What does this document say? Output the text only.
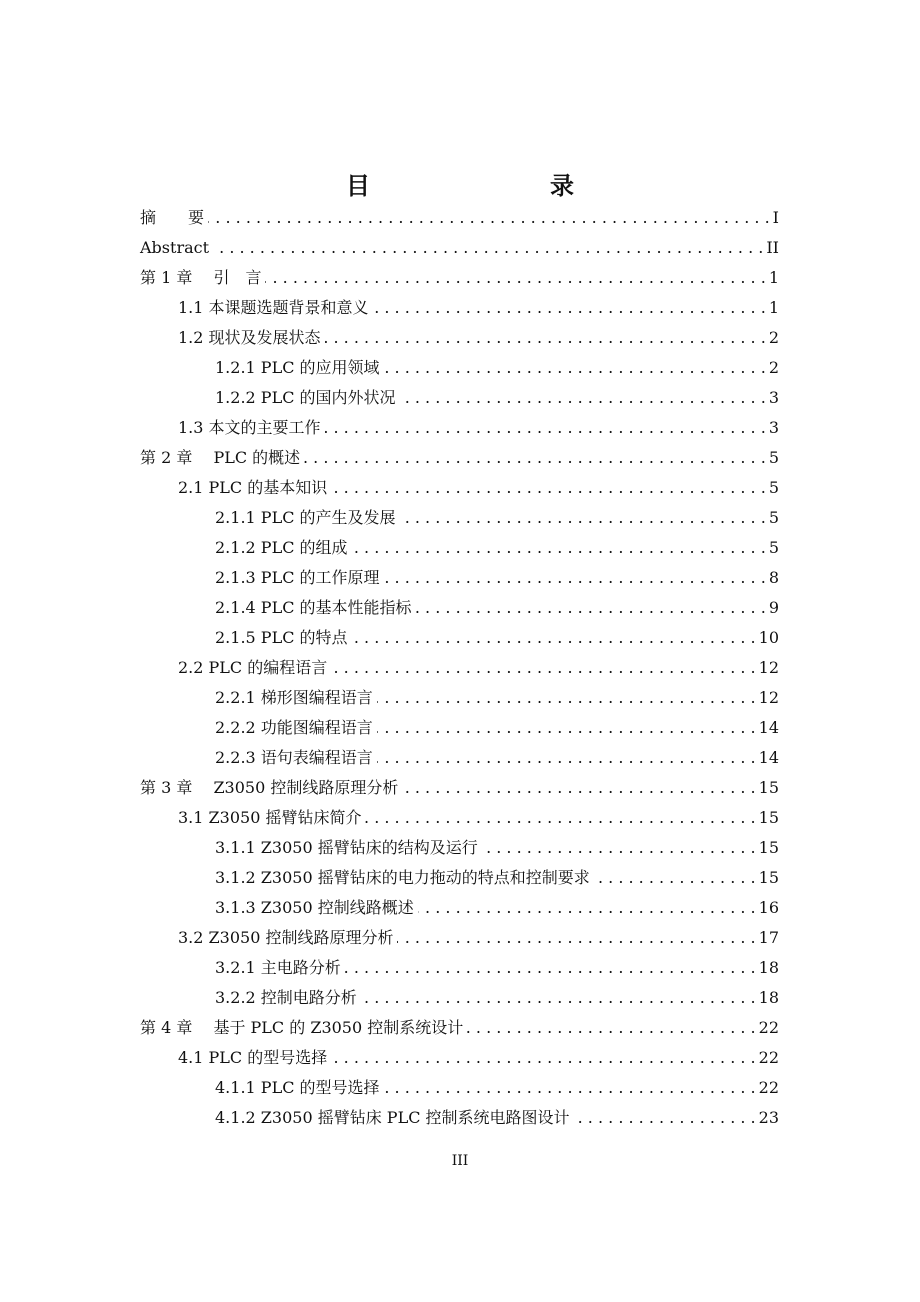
目　　录
摘　　要 . . .	I
Abstract . . .	II
第 1 章　 引　言 . . .	1
1.1 本课题选题背景和意义 . . .	1
1.2 现状及发展状态 . . .	2
1.2.1 PLC 的应用领域 . . .	2
1.2.2 PLC 的国内外状况 . . .	3
1.3 本文的主要工作 . . .	3
第 2 章　 PLC 的概述 . . .	5
2.1 PLC 的基本知识 . . .	5
2.1.1 PLC 的产生及发展 . . .	5
2.1.2 PLC 的组成 . . .	5
2.1.3 PLC 的工作原理 . . .	8
2.1.4 PLC 的基本性能指标 . . .	9
2.1.5 PLC 的特点 . . .	10
2.2 PLC 的编程语言 . . .	12
2.2.1 梯形图编程语言 . . .	12
2.2.2 功能图编程语言 . . .	14
2.2.3 语句表编程语言 . . .	14
第 3 章　 Z3050 控制线路原理分析 . . .	15
3.1 Z3050 摇臂钻床简介 . . .	15
3.1.1 Z3050 摇臂钻床的结构及运行 . . .	15
3.1.2 Z3050 摇臂钻床的电力拖动的特点和控制要求 . . .	15
3.1.3 Z3050 控制线路概述 . . .	16
3.2 Z3050 控制线路原理分析 . . .	17
3.2.1 主电路分析 . . .	18
3.2.2 控制电路分析 . . .	18
第 4 章　 基于 PLC 的 Z3050 控制系统设计 . . .	22
4.1 PLC 的型号选择 . . .	22
4.1.1 PLC 的型号选择 . . .	22
4.1.2 Z3050 摇臂钻床 PLC 控制系统电路图设计 . . .	23
III
